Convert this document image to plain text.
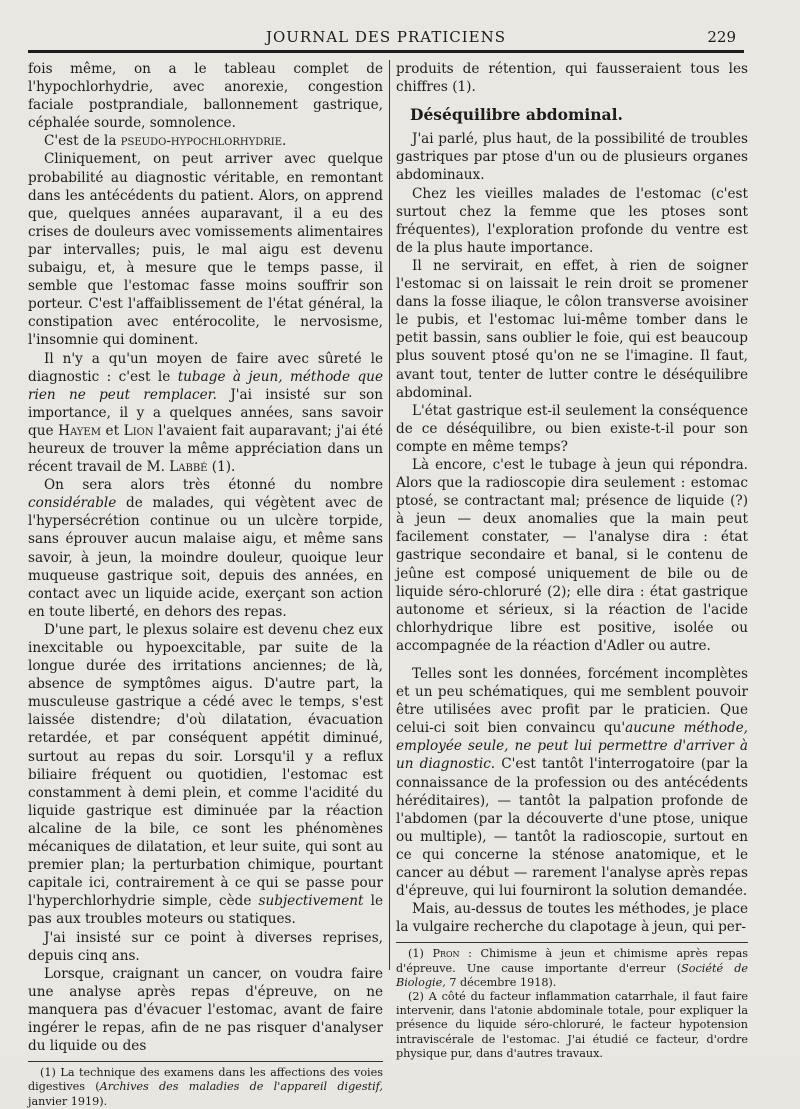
JOURNAL DES PRATICIENS	229

fois même, on a le tableau complet de l'hypochlorhydrie, avec anorexie, congestion faciale postprandiale, ballonnement gastrique, céphalée sourde, somnolence.

C'est de la pseudo-hypochlorhydrie.

Cliniquement, on peut arriver avec quelque probabilité au diagnostic véritable, en remontant dans les antécédents du patient. Alors, on apprend que, quelques années auparavant, il a eu des crises de douleurs avec vomissements alimentaires par intervalles; puis, le mal aigu est devenu subaigu, et, à mesure que le temps passe, il semble que l'estomac fasse moins souffrir son porteur. C'est l'affaiblissement de l'état général, la constipation avec entérocolite, le nervosisme, l'insomnie qui dominent.

Il n'y a qu'un moyen de faire avec sûreté le diagnostic : c'est le tubage à jeun, méthode que rien ne peut remplacer. J'ai insisté sur son importance, il y a quelques années, sans savoir que Hayem et Lion l'avaient fait auparavant; j'ai été heureux de trouver la même appréciation dans un récent travail de M. Labbé (1).

On sera alors très étonné du nombre considérable de malades, qui végètent avec de l'hypersécrétion continue ou un ulcère torpide, sans éprouver aucun malaise aigu, et même sans savoir, à jeun, la moindre douleur, quoique leur muqueuse gastrique soit, depuis des années, en contact avec un liquide acide, exerçant son action en toute liberté, en dehors des repas.

D'une part, le plexus solaire est devenu chez eux inexcitable ou hypoexcitable, par suite de la longue durée des irritations anciennes; de là, absence de symptômes aigus. D'autre part, la musculeuse gastrique a cédé avec le temps, s'est laissée distendre; d'où dilatation, évacuation retardée, et par conséquent appétit diminué, surtout au repas du soir. Lorsqu'il y a reflux biliaire fréquent ou quotidien, l'estomac est constamment à demi plein, et comme l'acidité du liquide gastrique est diminuée par la réaction alcaline de la bile, ce sont les phénomènes mécaniques de dilatation, et leur suite, qui sont au premier plan; la perturbation chimique, pourtant capitale ici, contrairement à ce qui se passe pour l'hyperchlorhydrie simple, cède subjectivement le pas aux troubles moteurs ou statiques.

J'ai insisté sur ce point à diverses reprises, depuis cinq ans.

Lorsque, craignant un cancer, on voudra faire une analyse après repas d'épreuve, on ne manquera pas d'évacuer l'estomac, avant de faire ingérer le repas, afin de ne pas risquer d'analyser du liquide ou des

(1) La technique des examens dans les affections des voies digestives (Archives des maladies de l'appareil digestif, janvier 1919).

produits de rétention, qui fausseraient tous les chiffres (1).

Déséquilibre abdominal.

J'ai parlé, plus haut, de la possibilité de troubles gastriques par ptose d'un ou de plusieurs organes abdominaux.

Chez les vieilles malades de l'estomac (c'est surtout chez la femme que les ptoses sont fréquentes), l'exploration profonde du ventre est de la plus haute importance.

Il ne servirait, en effet, à rien de soigner l'estomac si on laissait le rein droit se promener dans la fosse iliaque, le côlon transverse avoisiner le pubis, et l'estomac lui-même tomber dans le petit bassin, sans oublier le foie, qui est beaucoup plus souvent ptosé qu'on ne se l'imagine. Il faut, avant tout, tenter de lutter contre le déséquilibre abdominal.

L'état gastrique est-il seulement la conséquence de ce déséquilibre, ou bien existe-t-il pour son compte en même temps?

Là encore, c'est le tubage à jeun qui répondra. Alors que la radioscopie dira seulement : estomac ptosé, se contractant mal; présence de liquide (?) à jeun — deux anomalies que la main peut facilement constater, — l'analyse dira : état gastrique secondaire et banal, si le contenu de jeûne est composé uniquement de bile ou de liquide séro-chloruré (2); elle dira : état gastrique autonome et sérieux, si la réaction de l'acide chlorhydrique libre est positive, isolée ou accompagnée de la réaction d'Adler ou autre.

Telles sont les données, forcément incomplètes et un peu schématiques, qui me semblent pouvoir être utilisées avec profit par le praticien. Que celui-ci soit bien convaincu qu'aucune méthode, employée seule, ne peut lui permettre d'arriver à un diagnostic. C'est tantôt l'interrogatoire (par la connaissance de la profession ou des antécédents héréditaires), — tantôt la palpation profonde de l'abdomen (par la découverte d'une ptose, unique ou multiple), — tantôt la radioscopie, surtout en ce qui concerne la sténose anatomique, et le cancer au début — rarement l'analyse après repas d'épreuve, qui lui fourniront la solution demandée.

Mais, au-dessus de toutes les méthodes, je place la vulgaire recherche du clapotage à jeun, qui per-

(1) Pron : Chimisme à jeun et chimisme après repas d'épreuve. Une cause importante d'erreur (Société de Biologie, 7 décembre 1918).

(2) A côté du facteur inflammation catarrhale, il faut faire intervenir, dans l'atonie abdominale totale, pour expliquer la présence du liquide séro-chloruré, le facteur hypotension intraviscérale de l'estomac. J'ai étudié ce facteur, d'ordre physique pur, dans d'autres travaux.
